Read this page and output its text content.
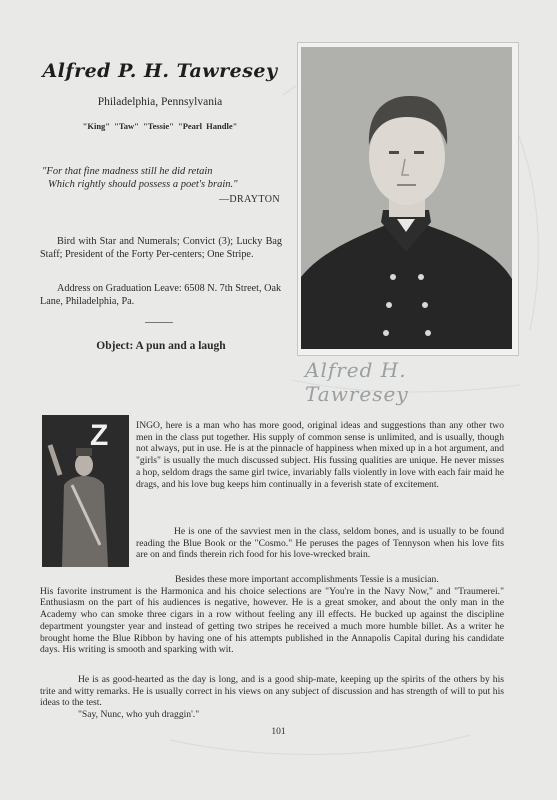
Alfred P. H. Tawresey
Philadelphia, Pennsylvania
"King" "Taw" "Tessie" "Pearl Handle"
"For that fine madness still he did retain
Which rightly should possess a poet's brain."
—DRAYTON
Bird with Star and Numerals; Convict (3); Lucky Bag Staff; President of the Forty Per-centers; One Stripe.
Address on Graduation Leave: 6508 N. 7th Street, Oak Lane, Philadelphia, Pa.
Object: A pun and a laugh
Alfred H. Tawresey
Z	INGO, here is a man who has more good, original ideas and suggestions than any other two men in the class put together. His supply of common sense is unlimited, and is usually, though not always, put in use. He is at the pinnacle of happiness when mixed up in a hot argument, and "girls" is usually the much discussed subject. His fussing qualities are unique. He never misses a hop, seldom drags the same girl twice, invariably falls violently in love with each fair maid he drags, and his love bug keeps him continually in a feverish state of excitement.
He is one of the savviest men in the class, seldom bones, and is usually to be found reading the Blue Book or the "Cosmo." He peruses the pages of Tennyson when his love fits are on and finds therein rich food for his love-wrecked brain.
Besides these more important accomplishments Tessie is a musician.
His favorite instrument is the Harmonica and his choice selections are "You're in the Navy Now," and "Traumerei." Enthusiasm on the part of his audiences is negative, however. He is a great smoker, and about the only man in the Academy who can smoke three cigars in a row without feeling any ill effects. He bucked up against the discipline department youngster year and instead of getting two stripes he received a much more humble billet. As a writer he brought home the Blue Ribbon by having one of his attempts published in the Annapolis Capital during his candidate days. His writing is smooth and sparking with wit.
He is as good-hearted as the day is long, and is a good ship-mate, keeping up the spirits of the others by his trite and witty remarks. He is usually correct in his views on any subject of discussion and has strength of will to put his ideas to the test.
"Say, Nunc, who yuh draggin'."
101
